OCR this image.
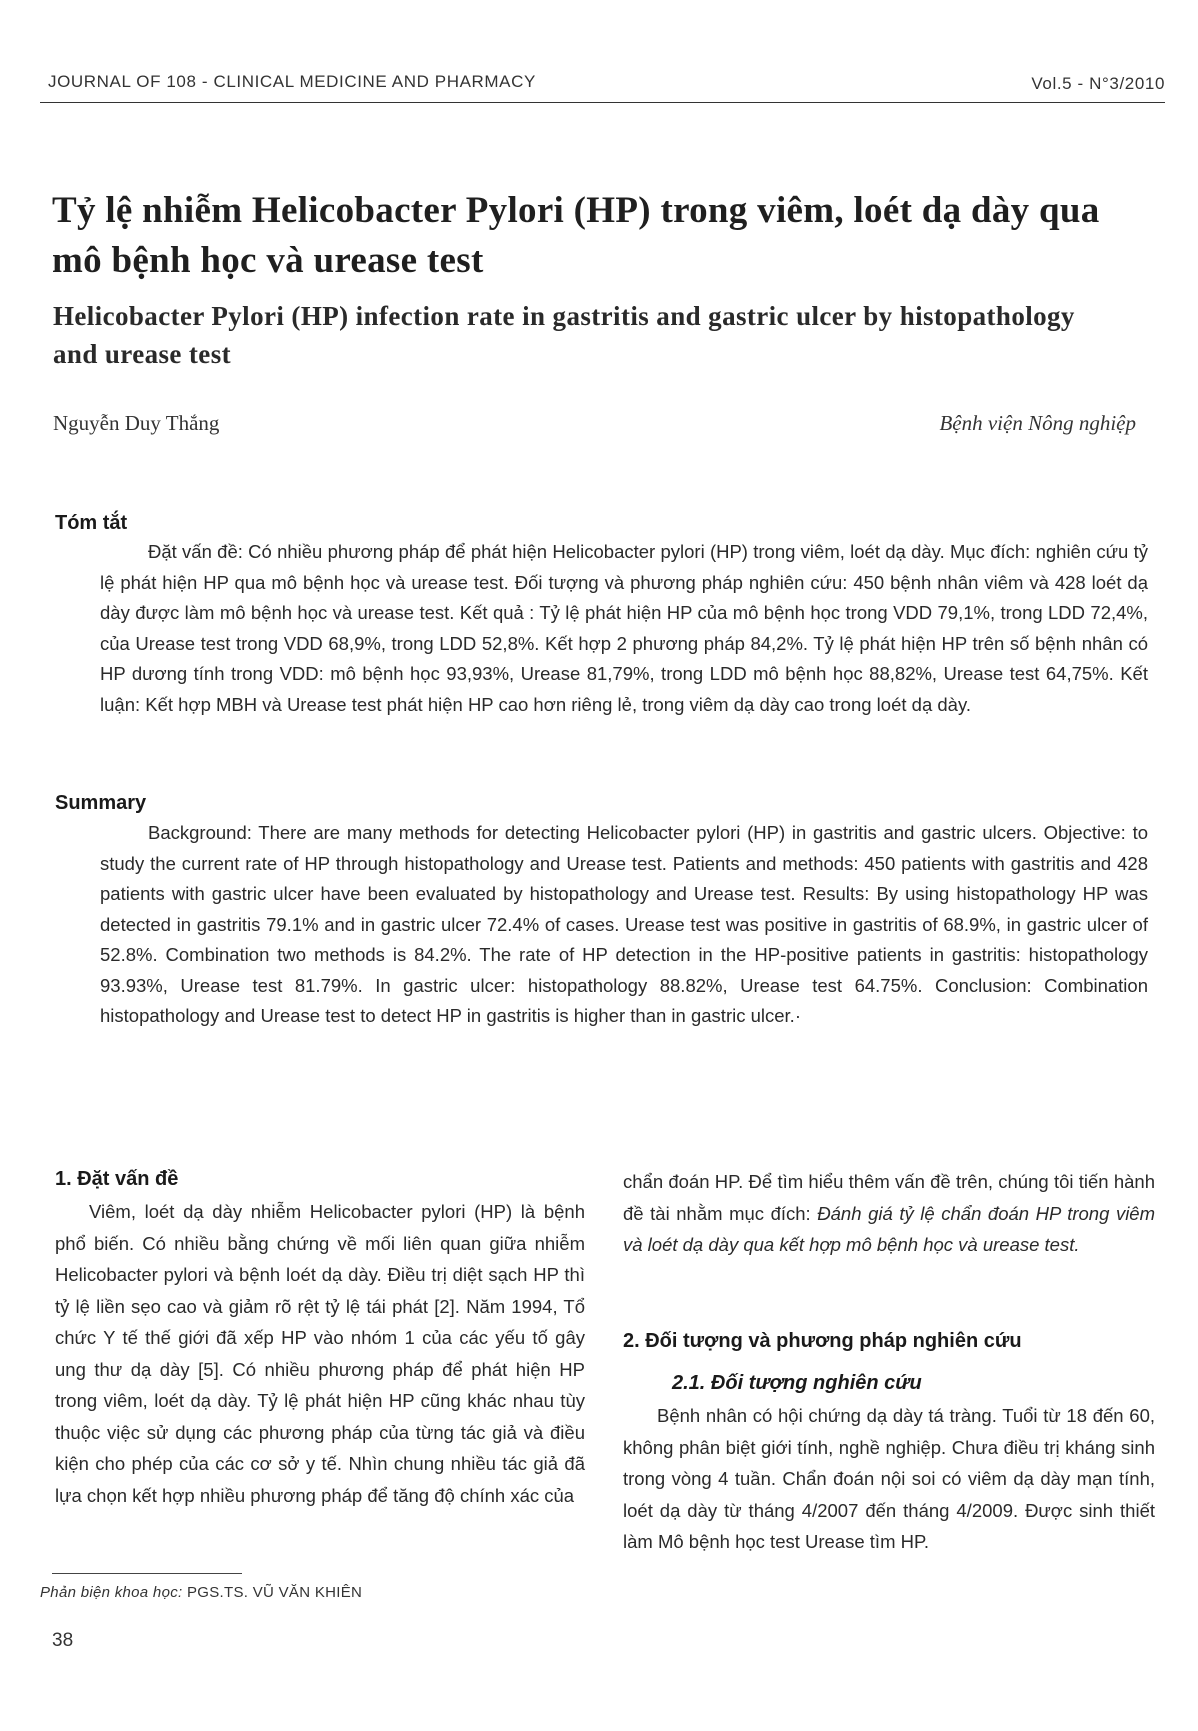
JOURNAL OF 108 - CLINICAL MEDICINE AND PHARMACY	Vol.5 - N°3/2010
Tỷ lệ nhiễm Helicobacter Pylori (HP) trong viêm, loét dạ dày qua mô bệnh học và urease test
Helicobacter Pylori (HP) infection rate in gastritis and gastric ulcer by histopathology and urease test
Nguyễn Duy Thắng	Bệnh viện Nông nghiệp
Tóm tắt
Đặt vấn đề: Có nhiều phương pháp để phát hiện Helicobacter pylori (HP) trong viêm, loét dạ dày. Mục đích: nghiên cứu tỷ lệ phát hiện HP qua mô bệnh học và urease test. Đối tượng và phương pháp nghiên cứu: 450 bệnh nhân viêm và 428 loét dạ dày được làm mô bệnh học và urease test. Kết quả : Tỷ lệ phát hiện HP của mô bệnh học trong VDD 79,1%, trong LDD 72,4%, của Urease test trong VDD 68,9%, trong LDD 52,8%. Kết hợp 2 phương pháp 84,2%. Tỷ lệ phát hiện HP trên số bệnh nhân có HP dương tính trong VDD: mô bệnh học 93,93%, Urease 81,79%, trong LDD mô bệnh học 88,82%, Urease test 64,75%. Kết luận: Kết hợp MBH và Urease test phát hiện HP cao hơn riêng lẻ, trong viêm dạ dày cao trong loét dạ dày.
Summary
Background: There are many methods for detecting Helicobacter pylori (HP) in gastritis and gastric ulcers. Objective: to study the current rate of HP through histopathology and Urease test. Patients and methods: 450 patients with gastritis and 428 patients with gastric ulcer have been evaluated by histopathology and Urease test. Results: By using histopathology HP was detected in gastritis 79.1% and in gastric ulcer 72.4% of cases. Urease test was positive in gastritis of 68.9%, in gastric ulcer of 52.8%. Combination two methods is 84.2%. The rate of HP detection in the HP-positive patients in gastritis: histopathology 93.93%, Urease test 81.79%. In gastric ulcer: histopathology 88.82%, Urease test 64.75%. Conclusion: Combination histopathology and Urease test to detect HP in gastritis is higher than in gastric ulcer.·
1. Đặt vấn đề
Viêm, loét dạ dày nhiễm Helicobacter pylori (HP) là bệnh phổ biến. Có nhiều bằng chứng về mối liên quan giữa nhiễm Helicobacter pylori và bệnh loét dạ dày. Điều trị diệt sạch HP thì tỷ lệ liền sẹo cao và giảm rõ rệt tỷ lệ tái phát [2]. Năm 1994, Tổ chức Y tế thế giới đã xếp HP vào nhóm 1 của các yếu tố gây ung thư dạ dày [5]. Có nhiều phương pháp để phát hiện HP trong viêm, loét dạ dày. Tỷ lệ phát hiện HP cũng khác nhau tùy thuộc việc sử dụng các phương pháp của từng tác giả và điều kiện cho phép của các cơ sở y tế. Nhìn chung nhiều tác giả đã lựa chọn kết hợp nhiều phương pháp để tăng độ chính xác của
chẩn đoán HP. Để tìm hiểu thêm vấn đề trên, chúng tôi tiến hành đề tài nhằm mục đích: Đánh giá tỷ lệ chẩn đoán HP trong viêm và loét dạ dày qua kết hợp mô bệnh học và urease test.
2. Đối tượng và phương pháp nghiên cứu
2.1. Đối tượng nghiên cứu
Bệnh nhân có hội chứng dạ dày tá tràng. Tuổi từ 18 đến 60, không phân biệt giới tính, nghề nghiệp. Chưa điều trị kháng sinh trong vòng 4 tuần. Chẩn đoán nội soi có viêm dạ dày mạn tính, loét dạ dày từ tháng 4/2007 đến tháng 4/2009. Được sinh thiết làm Mô bệnh học test Urease tìm HP.
Phản biện khoa học: PGS.TS. VŨ VĂN KHIÊN
38
